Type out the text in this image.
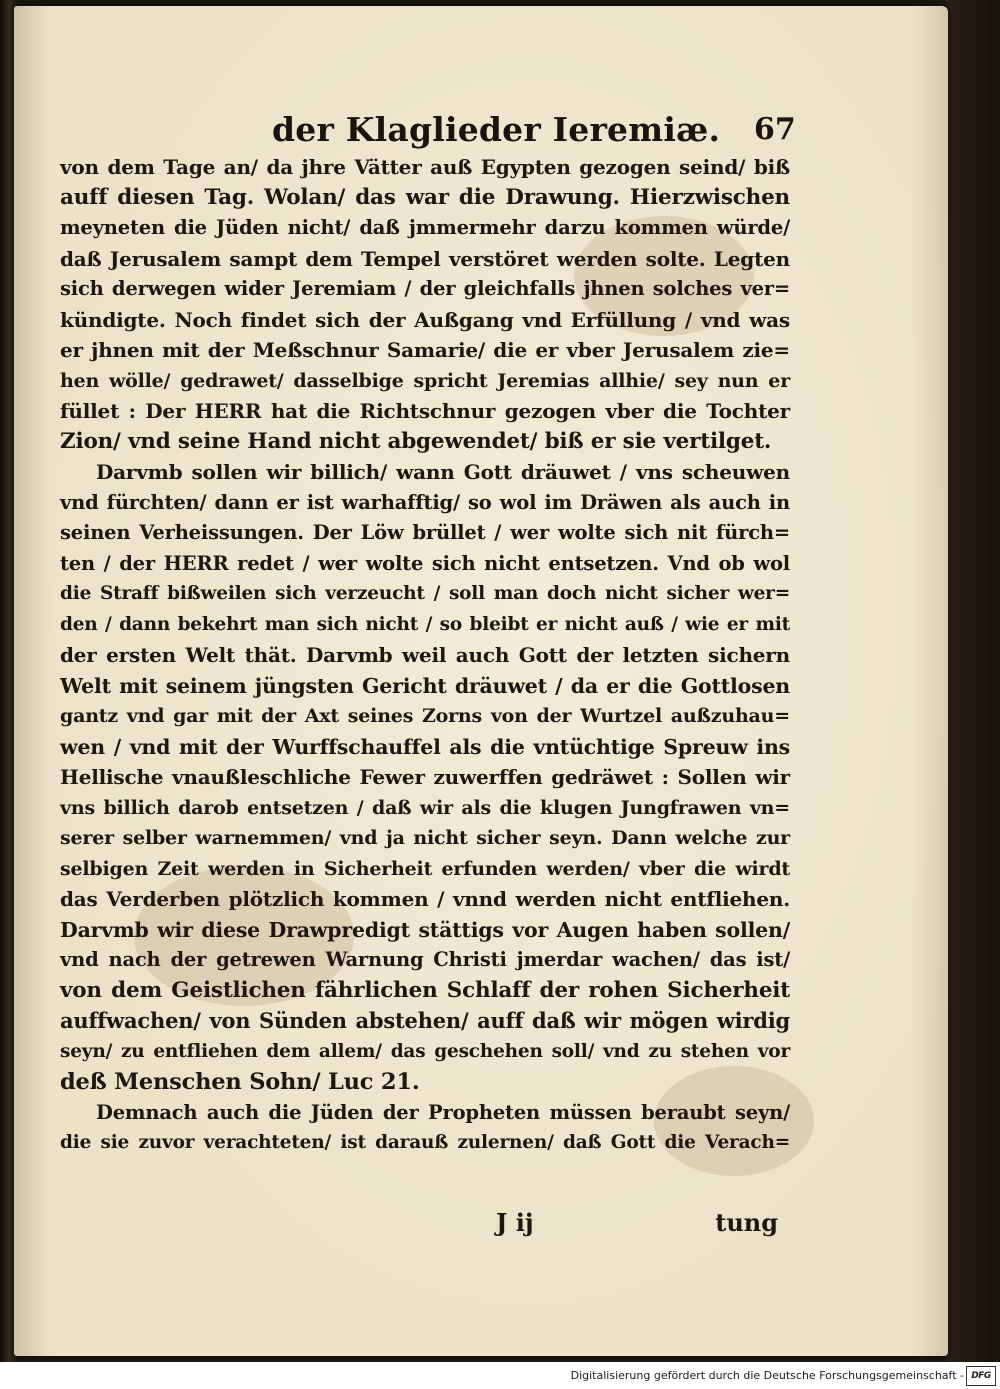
der Klaglieder Ieremiæ. 67
von dem Tage an/ da jhre Vätter auß Egypten gezogen seind/ biß
auff diesen Tag. Wolan/ das war die Drawung. Hierzwischen
meyneten die Jüden nicht/ daß jmmermehr darzu kommen würde/
daß Jerusalem sampt dem Tempel verstöret werden solte. Legten
sich derwegen wider Jeremiam / der gleichfalls jhnen solches ver=
kündigte. Noch findet sich der Außgang vnd Erfüllung / vnd was
er jhnen mit der Meßschnur Samarie/ die er vber Jerusalem zie=
hen wölle/ gedrawet/ dasselbige spricht Jeremias allhie/ sey nun er
füllet : Der HERR hat die Richtschnur gezogen vber die Tochter
Zion/ vnd seine Hand nicht abgewendet/ biß er sie vertilget.
Darvmb sollen wir billich/ wann Gott dräuwet / vns scheuwen
vnd fürchten/ dann er ist warhafftig/ so wol im Dräwen als auch in
seinen Verheissungen. Der Löw brüllet / wer wolte sich nit fürch=
ten / der HERR redet / wer wolte sich nicht entsetzen. Vnd ob wol
die Straff bißweilen sich verzeucht / soll man doch nicht sicher wer=
den / dann bekehrt man sich nicht / so bleibt er nicht auß / wie er mit
der ersten Welt thät. Darvmb weil auch Gott der letzten sichern
Welt mit seinem jüngsten Gericht dräuwet / da er die Gottlosen
gantz vnd gar mit der Axt seines Zorns von der Wurtzel außzuhau=
wen / vnd mit der Wurffschauffel als die vntüchtige Spreuw ins
Hellische vnaußleschliche Fewer zuwerffen gedräwet : Sollen wir
vns billich darob entsetzen / daß wir als die klugen Jungfrawen vn=
serer selber warnemmen/ vnd ja nicht sicher seyn. Dann welche zur
selbigen Zeit werden in Sicherheit erfunden werden/ vber die wirdt
das Verderben plötzlich kommen / vnnd werden nicht entfliehen.
Darvmb wir diese Drawpredigt stättigs vor Augen haben sollen/
vnd nach der getrewen Warnung Christi jmerdar wachen/ das ist/
von dem Geistlichen fährlichen Schlaff der rohen Sicherheit
auffwachen/ von Sünden abstehen/ auff daß wir mögen wirdig
seyn/ zu entfliehen dem allem/ das geschehen soll/ vnd zu stehen vor
deß Menschen Sohn/ Luc 21.
Demnach auch die Jüden der Propheten müssen beraubt seyn/
die sie zuvor verachteten/ ist darauß zulernen/ daß Gott die Verach=
J ij	tung
Digitalisierung gefördert durch die Deutsche Forschungsgemeinschaft - DFG
